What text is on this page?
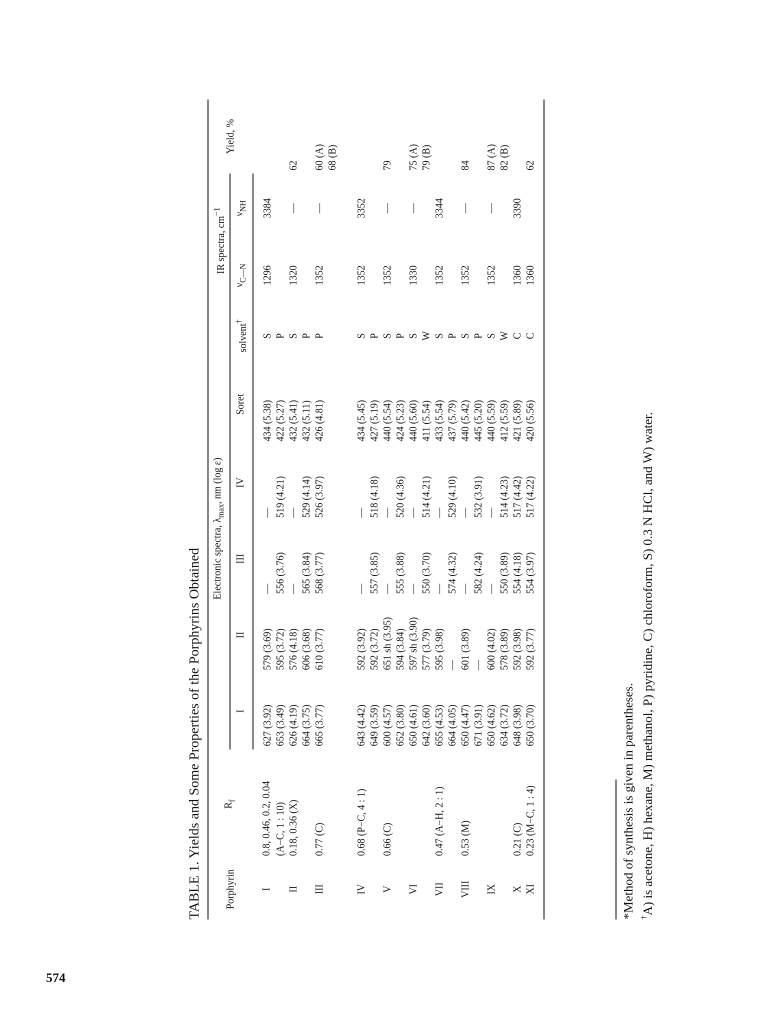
574
TABLE 1. Yields and Some Properties of the Porphyrins Obtained Porphyrin	$R_f$	Electronic spectra, $\lambda_{max}$, nm (log ε)						IR spectra, $cm^{-1}$		Yield, %
		I	II	III	IV	Soret	solvent†	$\nu_{C—N}$	$\nu_{NH}$
I	0.8, 0.46, 0.2, 0.04	627 (3.92)	579 (3.69)	—	—	434 (5.38)	S	1296	3384	
	(A−C, 1 : 10)	653 (3.49)	595 (3.72)	556 (3.76)	519 (4.21)	422 (5.27)	P			
II	0.18, 0.36 (X)	626 (4.19)	576 (4.18)	—	—	432 (5.41)	S	1320	—	62
		664 (3.75)	606 (3.68)	565 (3.84)	529 (4.14)	432 (5.11)	P			
III	0.77 (C)	665 (3.77)	610 (3.77)	568 (3.77)	526 (3.97)	426 (4.81)	P	1352	—	60 (A)
										68 (B)
IV	0.68 (P−C, 4 : 1)	643 (4.42)	592 (3.92)	—	—	434 (5.45)	S	1352	3352	
		649 (3.59)	592 (3.72)	557 (3.85)	518 (4.18)	427 (5.19)	P			
V	0.66 (C)	600 (4.57)	651 sh (3.95)	—	—	440 (5.54)	S	1352	—	79
		652 (3.80)	594 (3.84)	555 (3.88)	520 (4.36)	424 (5.23)	P			
VI		650 (4.61)	597 sh (3.90)	—	—	440 (5.60)	S	1330	—	75 (A)
		642 (3.60)	577 (3.79)	550 (3.70)	514 (4.21)	411 (5.54)	W			79 (B)
VII	0.47 (A−H, 2 : 1)	655 (4.53)	595 (3.98)	—	—	433 (5.54)	S	1352	3344	
		664 (4.05)	—	574 (4.32)	529 (4.10)	437 (5.79)	P			
VIII	0.53 (M)	650 (4.47)	601 (3.89)	—	—	440 (5.42)	S	1352	—	84
		671 (3.91)	—	582 (4.24)	532 (3.91)	445 (5.20)	P			
IX		650 (4.62)	600 (4.02)	—	—	440 (5.59)	S	1352	—	87 (A)
		634 (3.72)	578 (3.89)	550 (3.89)	514 (4.23)	412 (5.59)	W			82 (B)
X	0.21 (C)	648 (3.98)	592 (3.98)	554 (4.18)	517 (4.42)	421 (5.89)	C	1360	3390	
XI	0.23 (M−C, 1 : 4)	650 (3.70)	592 (3.77)	554 (3.97)	517 (4.22)	420 (5.56)	C	1360		62
*Method of synthesis is given in parentheses. †A) is acetone, H) hexane, M) methanol, P) pyridine, C) chloroform, S) 0.3 N HCl, and W) water.
